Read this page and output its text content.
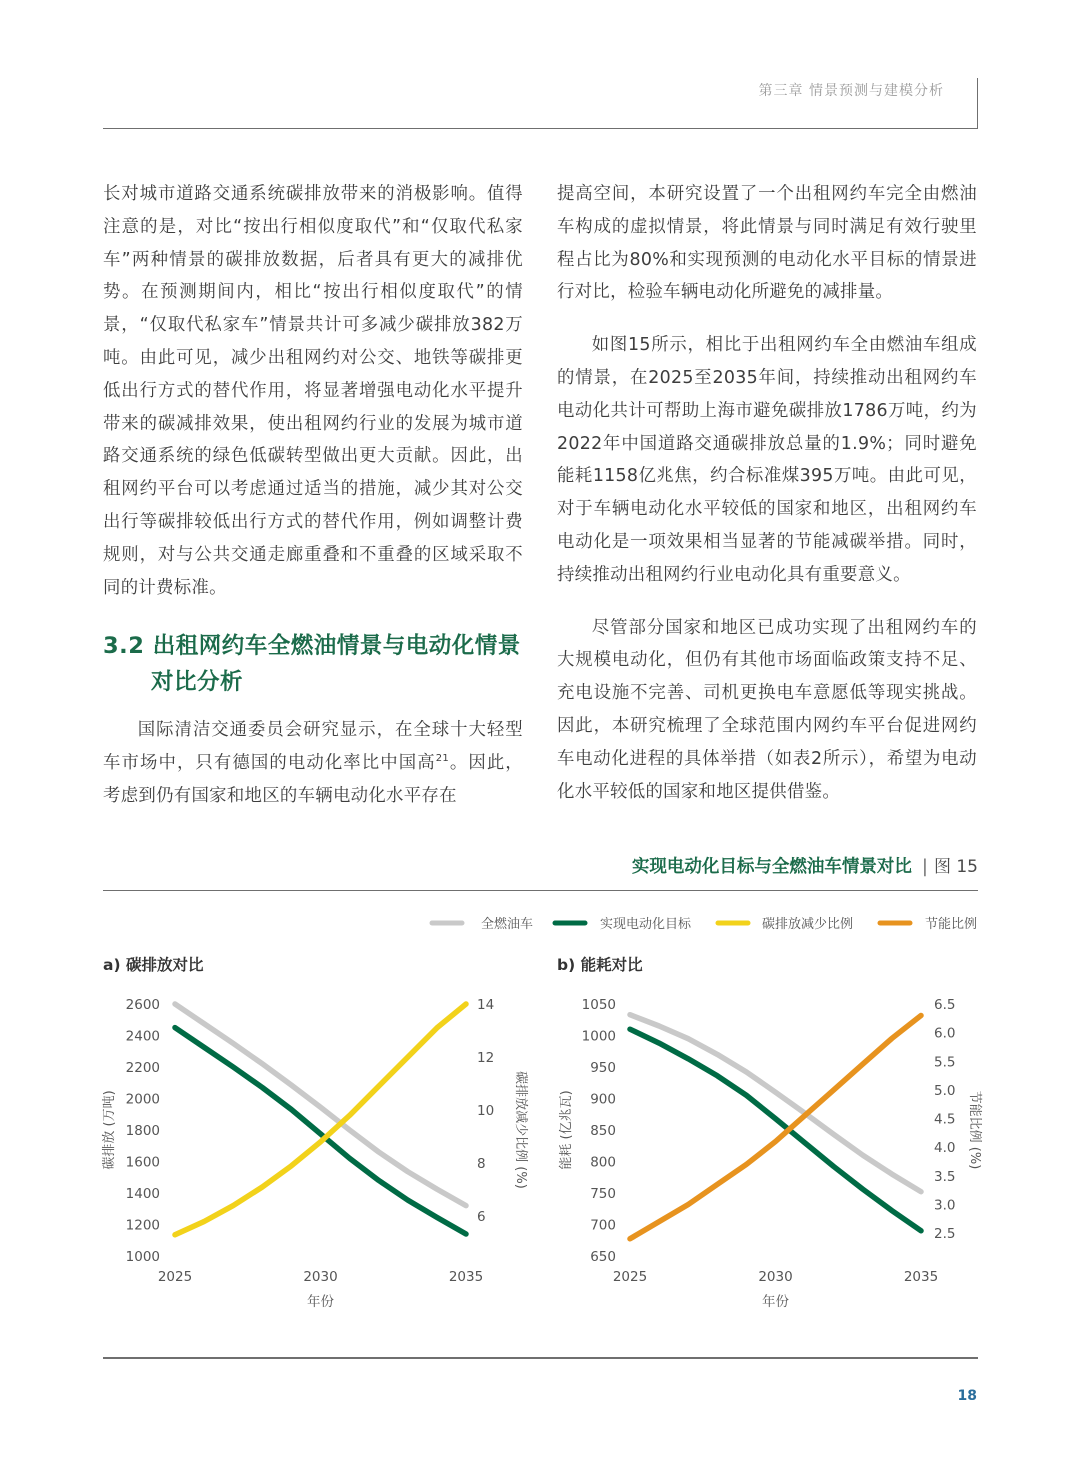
第三章 情景预测与建模分析

长对城市道路交通系统碳排放带来的消极影响。值得注意的是，对比“按出行相似度取代”和“仅取代私家车”两种情景的碳排放数据，后者具有更大的减排优势。在预测期间内，相比“按出行相似度取代”的情景，“仅取代私家车”情景共计可多减少碳排放382万吨。由此可见，减少出租网约对公交、地铁等碳排更低出行方式的替代作用，将显著增强电动化水平提升带来的碳减排效果，使出租网约行业的发展为城市道路交通系统的绿色低碳转型做出更大贡献。因此，出租网约平台可以考虑通过适当的措施，减少其对公交出行等碳排较低出行方式的替代作用，例如调整计费规则，对与公共交通走廊重叠和不重叠的区域采取不同的计费标准。

3.2 出租网约车全燃油情景与电动化情景对比分析

国际清洁交通委员会研究显示，在全球十大轻型车市场中，只有德国的电动化率比中国高$^{21}$。因此，考虑到仍有国家和地区的车辆电动化水平存在

提高空间，本研究设置了一个出租网约车完全由燃油车构成的虚拟情景，将此情景与同时满足有效行驶里程占比为80%和实现预测的电动化水平目标的情景进行对比，检验车辆电动化所避免的减排量。

如图15所示，相比于出租网约车全由燃油车组成的情景，在2025至2035年间，持续推动出租网约车电动化共计可帮助上海市避免碳排放1786万吨，约为2022年中国道路交通碳排放总量的1.9%；同时避免能耗1158亿兆焦，约合标准煤395万吨。由此可见，对于车辆电动化水平较低的国家和地区，出租网约车电动化是一项效果相当显著的节能减碳举措。同时，持续推动出租网约行业电动化具有重要意义。

尽管部分国家和地区已成功实现了出租网约车的大规模电动化，但仍有其他市场面临政策支持不足、充电设施不完善、司机更换电车意愿低等现实挑战。因此，本研究梳理了全球范围内网约车平台促进网约车电动化进程的具体举措（如表2所示），希望为电动化水平较低的国家和地区提供借鉴。

实现电动化目标与全燃油车情景对比 | 图 15
全燃油车	实现电动化目标	碳排放减少比例	节能比例
a) 碳排放对比
1000
1200
1400
1600
1800
2000
2200
2400
2600
6
8
10
12
14
2025	2030	2035
年份
碳排放 (万吨)	碳排放减少比例 (%)
b) 能耗对比
650
700
750
800
850
900
950
1000
1050
2.5
3.0
3.5
4.0
4.5
5.0
5.5
6.0
6.5
2025	2030	2035
年份
能耗 (亿兆瓦)	节能比例 (%)
18
